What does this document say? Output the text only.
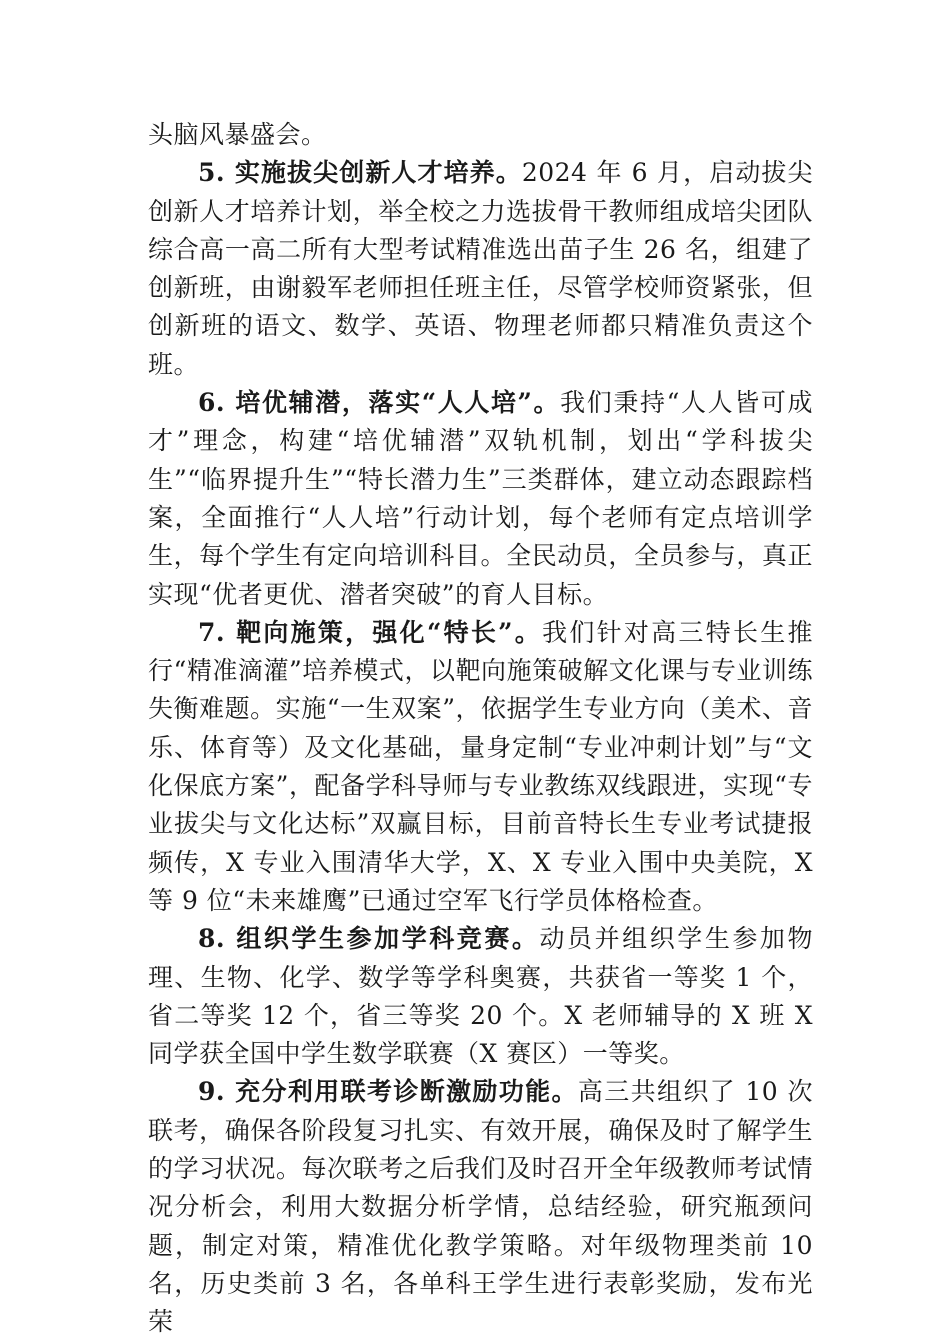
头脑风暴盛会。

5. 实施拔尖创新人才培养。2024 年 6 月，启动拔尖创新人才培养计划，举全校之力选拔骨干教师组成培尖团队综合高一高二所有大型考试精准选出苗子生 26 名，组建了创新班，由谢毅军老师担任班主任，尽管学校师资紧张，但创新班的语文、数学、英语、物理老师都只精准负责这个班。

6. 培优辅潜，落实“人人培”。我们秉持“人人皆可成才”理念，构建“培优辅潜”双轨机制，划出“学科拔尖生”“临界提升生”“特长潜力生”三类群体，建立动态跟踪档案，全面推行“人人培”行动计划，每个老师有定点培训学生，每个学生有定向培训科目。全民动员，全员参与，真正实现“优者更优、潜者突破”的育人目标。

7. 靶向施策，强化“特长”。我们针对高三特长生推行“精准滴灌”培养模式，以靶向施策破解文化课与专业训练失衡难题。实施“一生双案”，依据学生专业方向（美术、音乐、体育等）及文化基础，量身定制“专业冲刺计划”与“文化保底方案”，配备学科导师与专业教练双线跟进，实现“专业拔尖与文化达标”双赢目标，目前音特长生专业考试捷报频传，X 专业入围清华大学，X、X 专业入围中央美院，X 等 9 位“未来雄鹰”已通过空军飞行学员体格检查。

8. 组织学生参加学科竞赛。动员并组织学生参加物理、生物、化学、数学等学科奥赛，共获省一等奖 1 个，省二等奖 12 个，省三等奖 20 个。X 老师辅导的 X 班 X 同学获全国中学生数学联赛（X 赛区）一等奖。

9. 充分利用联考诊断激励功能。高三共组织了 10 次联考，确保各阶段复习扎实、有效开展，确保及时了解学生的学习状况。每次联考之后我们及时召开全年级教师考试情况分析会，利用大数据分析学情，总结经验，研究瓶颈问题，制定对策，精准优化教学策略。对年级物理类前 10 名，历史类前 3 名，各单科王学生进行表彰奖励，发布光荣
